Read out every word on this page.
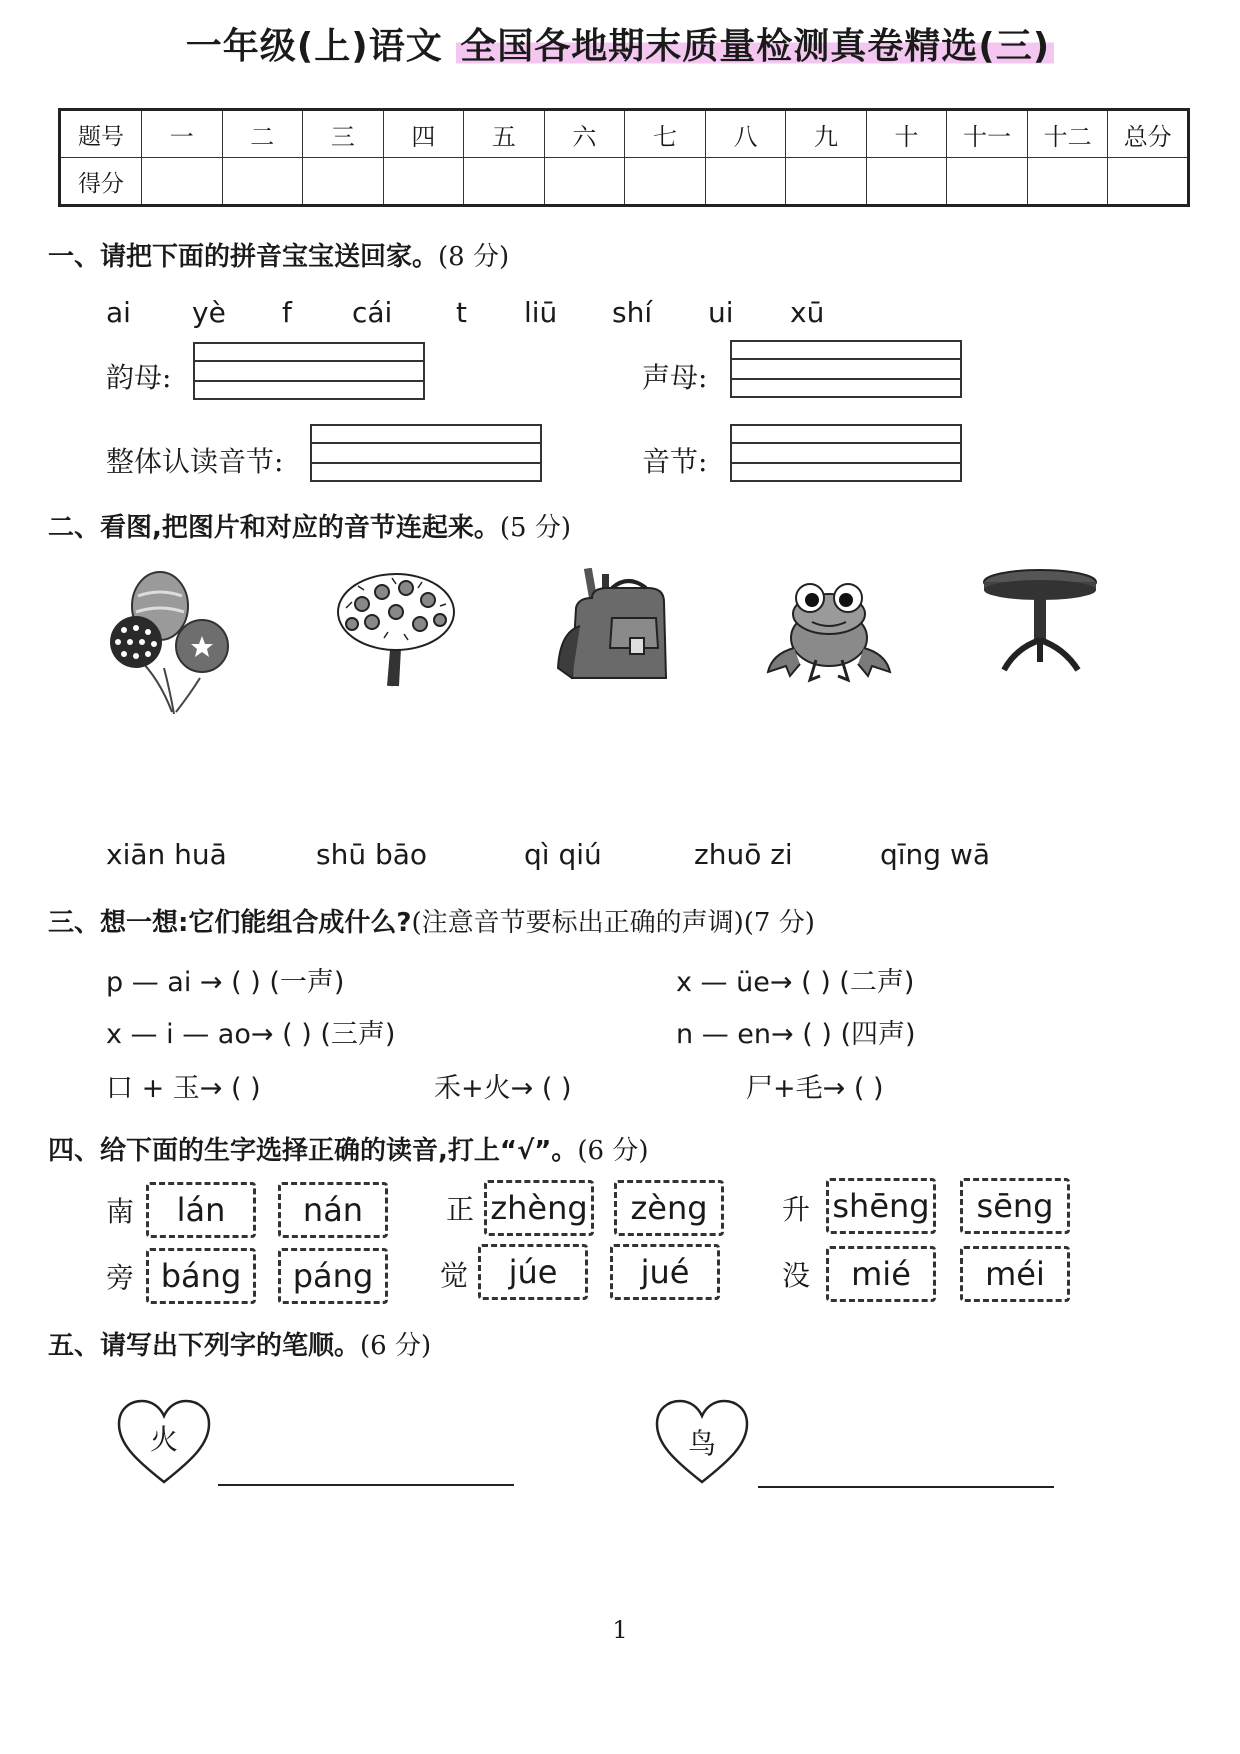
一年级(上)语文 全国各地期末质量检测真卷精选(三)
题号	一	二	三	四	五	六	七	八	九	十	十一	十二	总分
得分													
一、请把下面的拼音宝宝送回家。(8 分)
ai yè f cái t liū shí ui xū
韵母:	声母:
整体认读音节:	音节:
二、看图,把图片和对应的音节连起来。(5 分)
xiān huā	shū bāo	qì qiú	zhuō zi	qīng wā
三、想一想:它们能组合成什么?(注意音节要标出正确的声调)(7 分)
p — ai → ( ) (一声)	x — üe→ ( ) (二声)
x — i — ao→ ( ) (三声)	n — en→ ( ) (四声)
口 + 玉→ ( )	禾+火→ ( )	尸+毛→ ( )
四、给下面的生字选择正确的读音,打上“√”。(6 分)
南	lán	nán	正 zhèng	zèng	升 shēng	sēng
旁 báng	páng	觉	júe	jué	没	mié	méi
五、请写出下列字的笔顺。(6 分)
火	鸟
1
